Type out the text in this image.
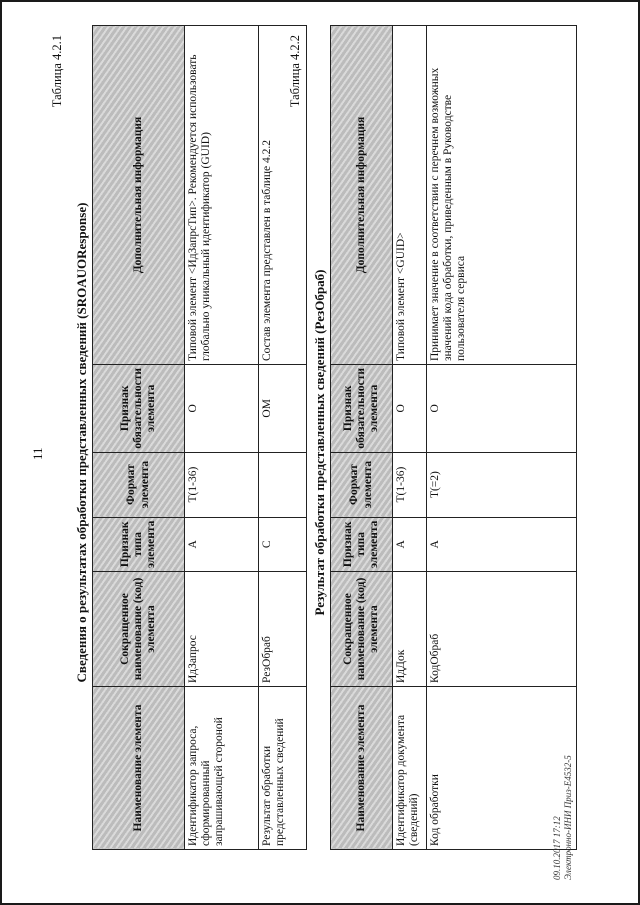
11
Таблица 4.2.1
Сведения о результатах обработки представленных сведений (SROAUOResponse)
Наименование элемента	Сокращенное наименование (код) элемента	Признак типа элемента	Формат элемента	Признак обязательности элемента	Дополнительная информация
Идентификатор запроса, сформированный запрашивающей стороной	ИдЗапрос	А	T(1-36)	О	Типовой элемент <ИдЗапрсТип>. Рекомендуется использовать глобально уникальный идентификатор (GUID)
Результат обработки представленных сведений	РезОбраб	С		ОМ	Состав элемента представлен в таблице 4.2.2
Таблица 4.2.2
Результат обработки представленных сведений (РезОбраб)
Наименование элемента	Сокращенное наименование (код) элемента	Признак типа элемента	Формат элемента	Признак обязательности элемента	Дополнительная информация
Идентификатор документа (сведений)	ИдДок	А	T(1-36)	О	Типовой элемент <GUID>
Код обработки	КодОбраб	А	T(=2)	О	Принимает значение в соответствии с перечнем возможных значений кода обработки, приведенным в Руководстве пользователя сервиса
09.10.2017 17:12 Электронно-ИНИ Приз-Е4532-5
